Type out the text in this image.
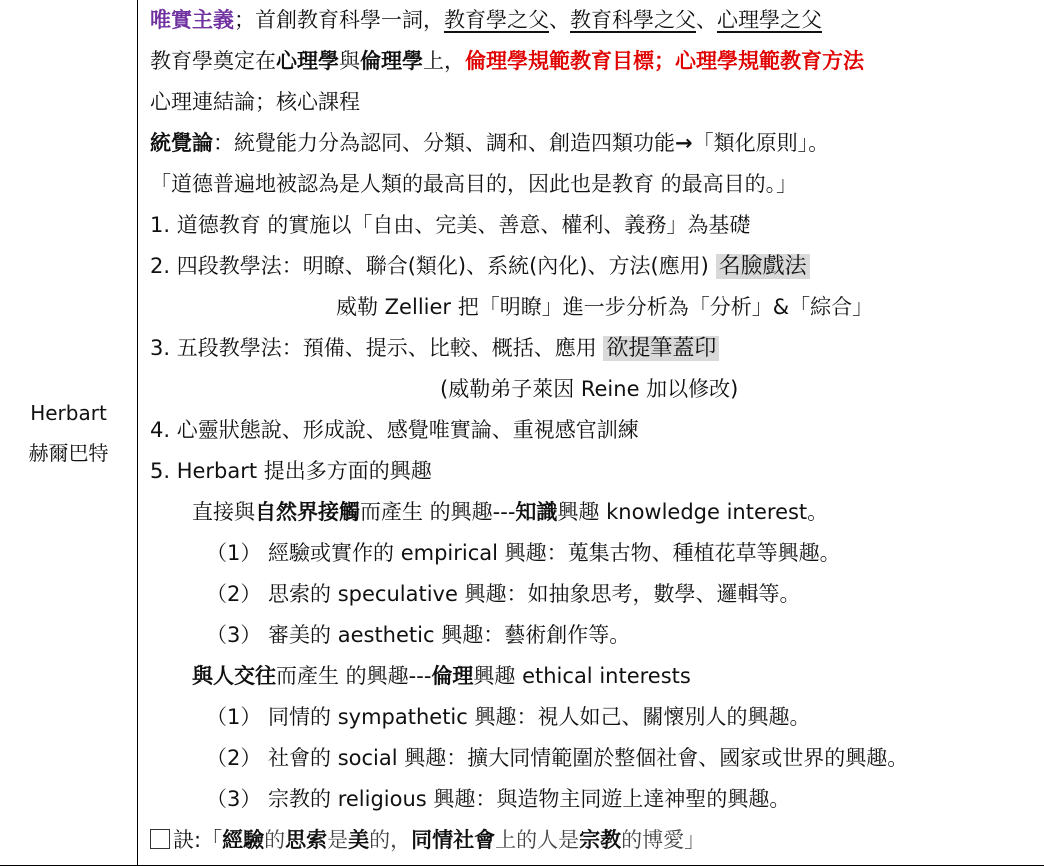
Herbart
赫爾巴特

唯實主義；首創教育科學一詞，教育學之父、教育科學之父、心理學之父
教育學奠定在心理學與倫理學上，倫理學規範教育目標；心理學規範教育方法
心理連結論；核心課程
統覺論：統覺能力分為認同、分類、調和、創造四類功能→「類化原則」。
「道德普遍地被認為是人類的最高目的，因此也是教育 的最高目的。」
1. 道德教育 的實施以「自由、完美、善意、權利、義務」為基礎
2. 四段教學法：明瞭、聯合(類化)、系統(內化)、方法(應用) 名臉戲法
威勒 Zellier 把「明瞭」進一步分析為「分析」&「綜合」
3. 五段教學法：預備、提示、比較、概括、應用 欲提筆蓋印
(威勒弟子萊因 Reine 加以修改)
4. 心靈狀態說、形成說、感覺唯實論、重視感官訓練
5. Herbart 提出多方面的興趣
直接與自然界接觸而產生 的興趣---知識興趣 knowledge interest。
（1） 經驗或實作的 empirical 興趣：蒐集古物、種植花草等興趣。
（2） 思索的 speculative 興趣：如抽象思考，數學、邏輯等。
（3） 審美的 aesthetic 興趣：藝術創作等。
與人交往而產生 的興趣---倫理興趣 ethical interests
（1） 同情的 sympathetic 興趣：視人如己、關懷別人的興趣。
（2） 社會的 social 興趣：擴大同情範圍於整個社會、國家或世界的興趣。
（3） 宗教的 religious 興趣：與造物主同遊上達神聖的興趣。
訣:「經驗的思索是美的，同情社會上的人是宗教的博愛」
